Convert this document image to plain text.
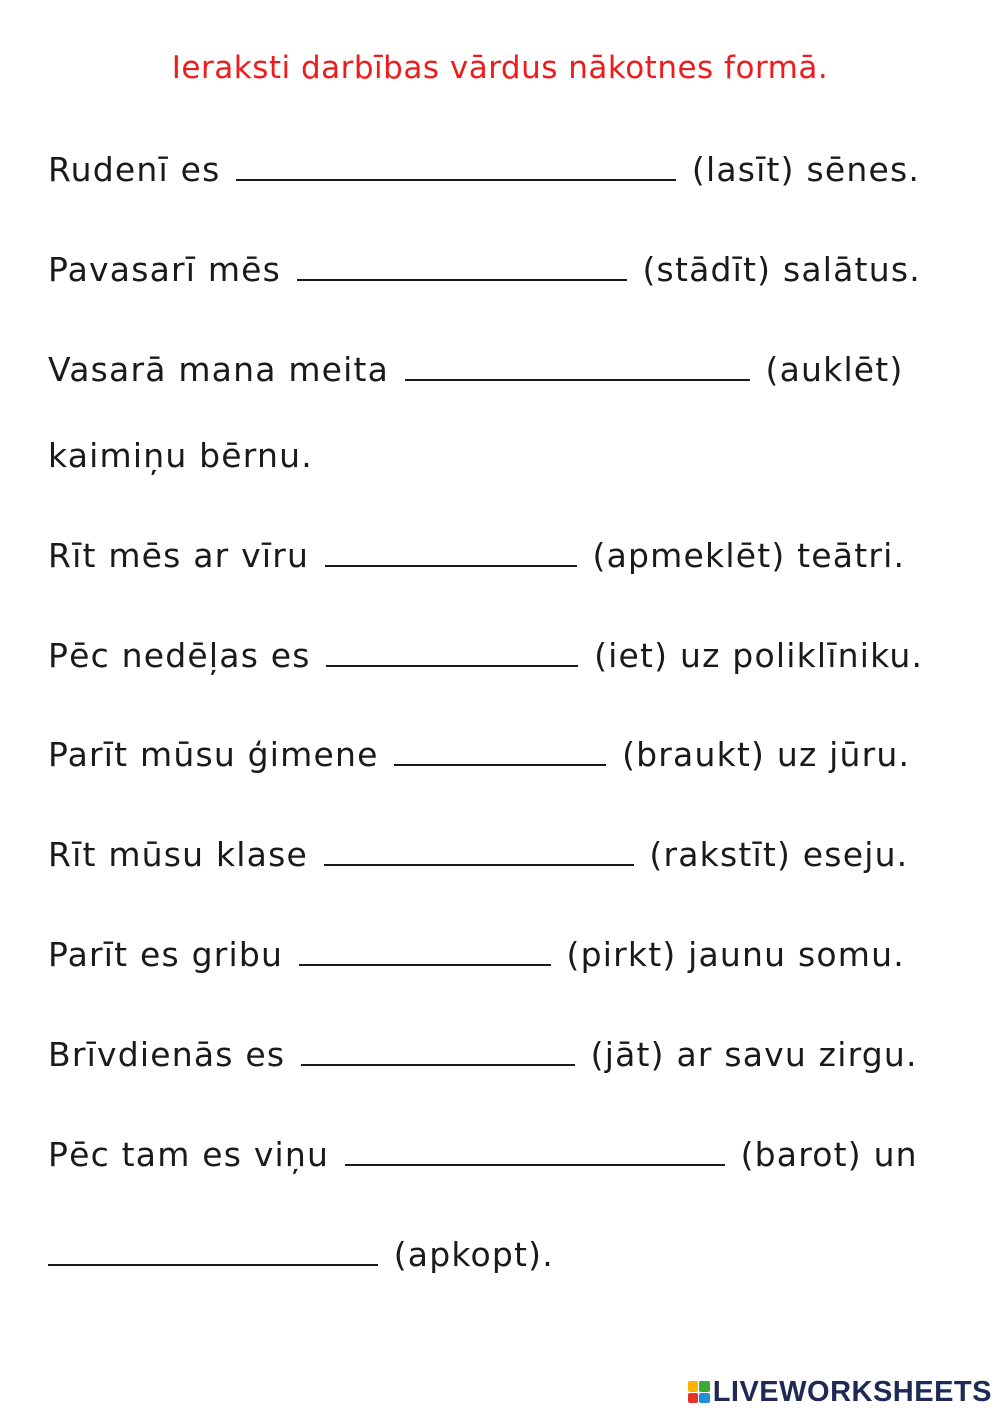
Ieraksti darbības vārdus nākotnes formā.
Rudenī es	(lasīt) sēnes.
Pavasarī mēs	(stādīt) salātus.
Vasarā mana meita	(auklēt)
kaimiņu bērnu.
Rīt mēs ar vīru	(apmeklēt) teātri.
Pēc nedēļas es	(iet) uz poliklīniku.
Parīt mūsu ģimene	(braukt) uz jūru.
Rīt mūsu klase	(rakstīt) eseju.
Parīt es gribu	(pirkt) jaunu somu.
Brīvdienās es	(jāt) ar savu zirgu.
Pēc tam es viņu	(barot) un
(apkopt).
LIVEWORKSHEETS
